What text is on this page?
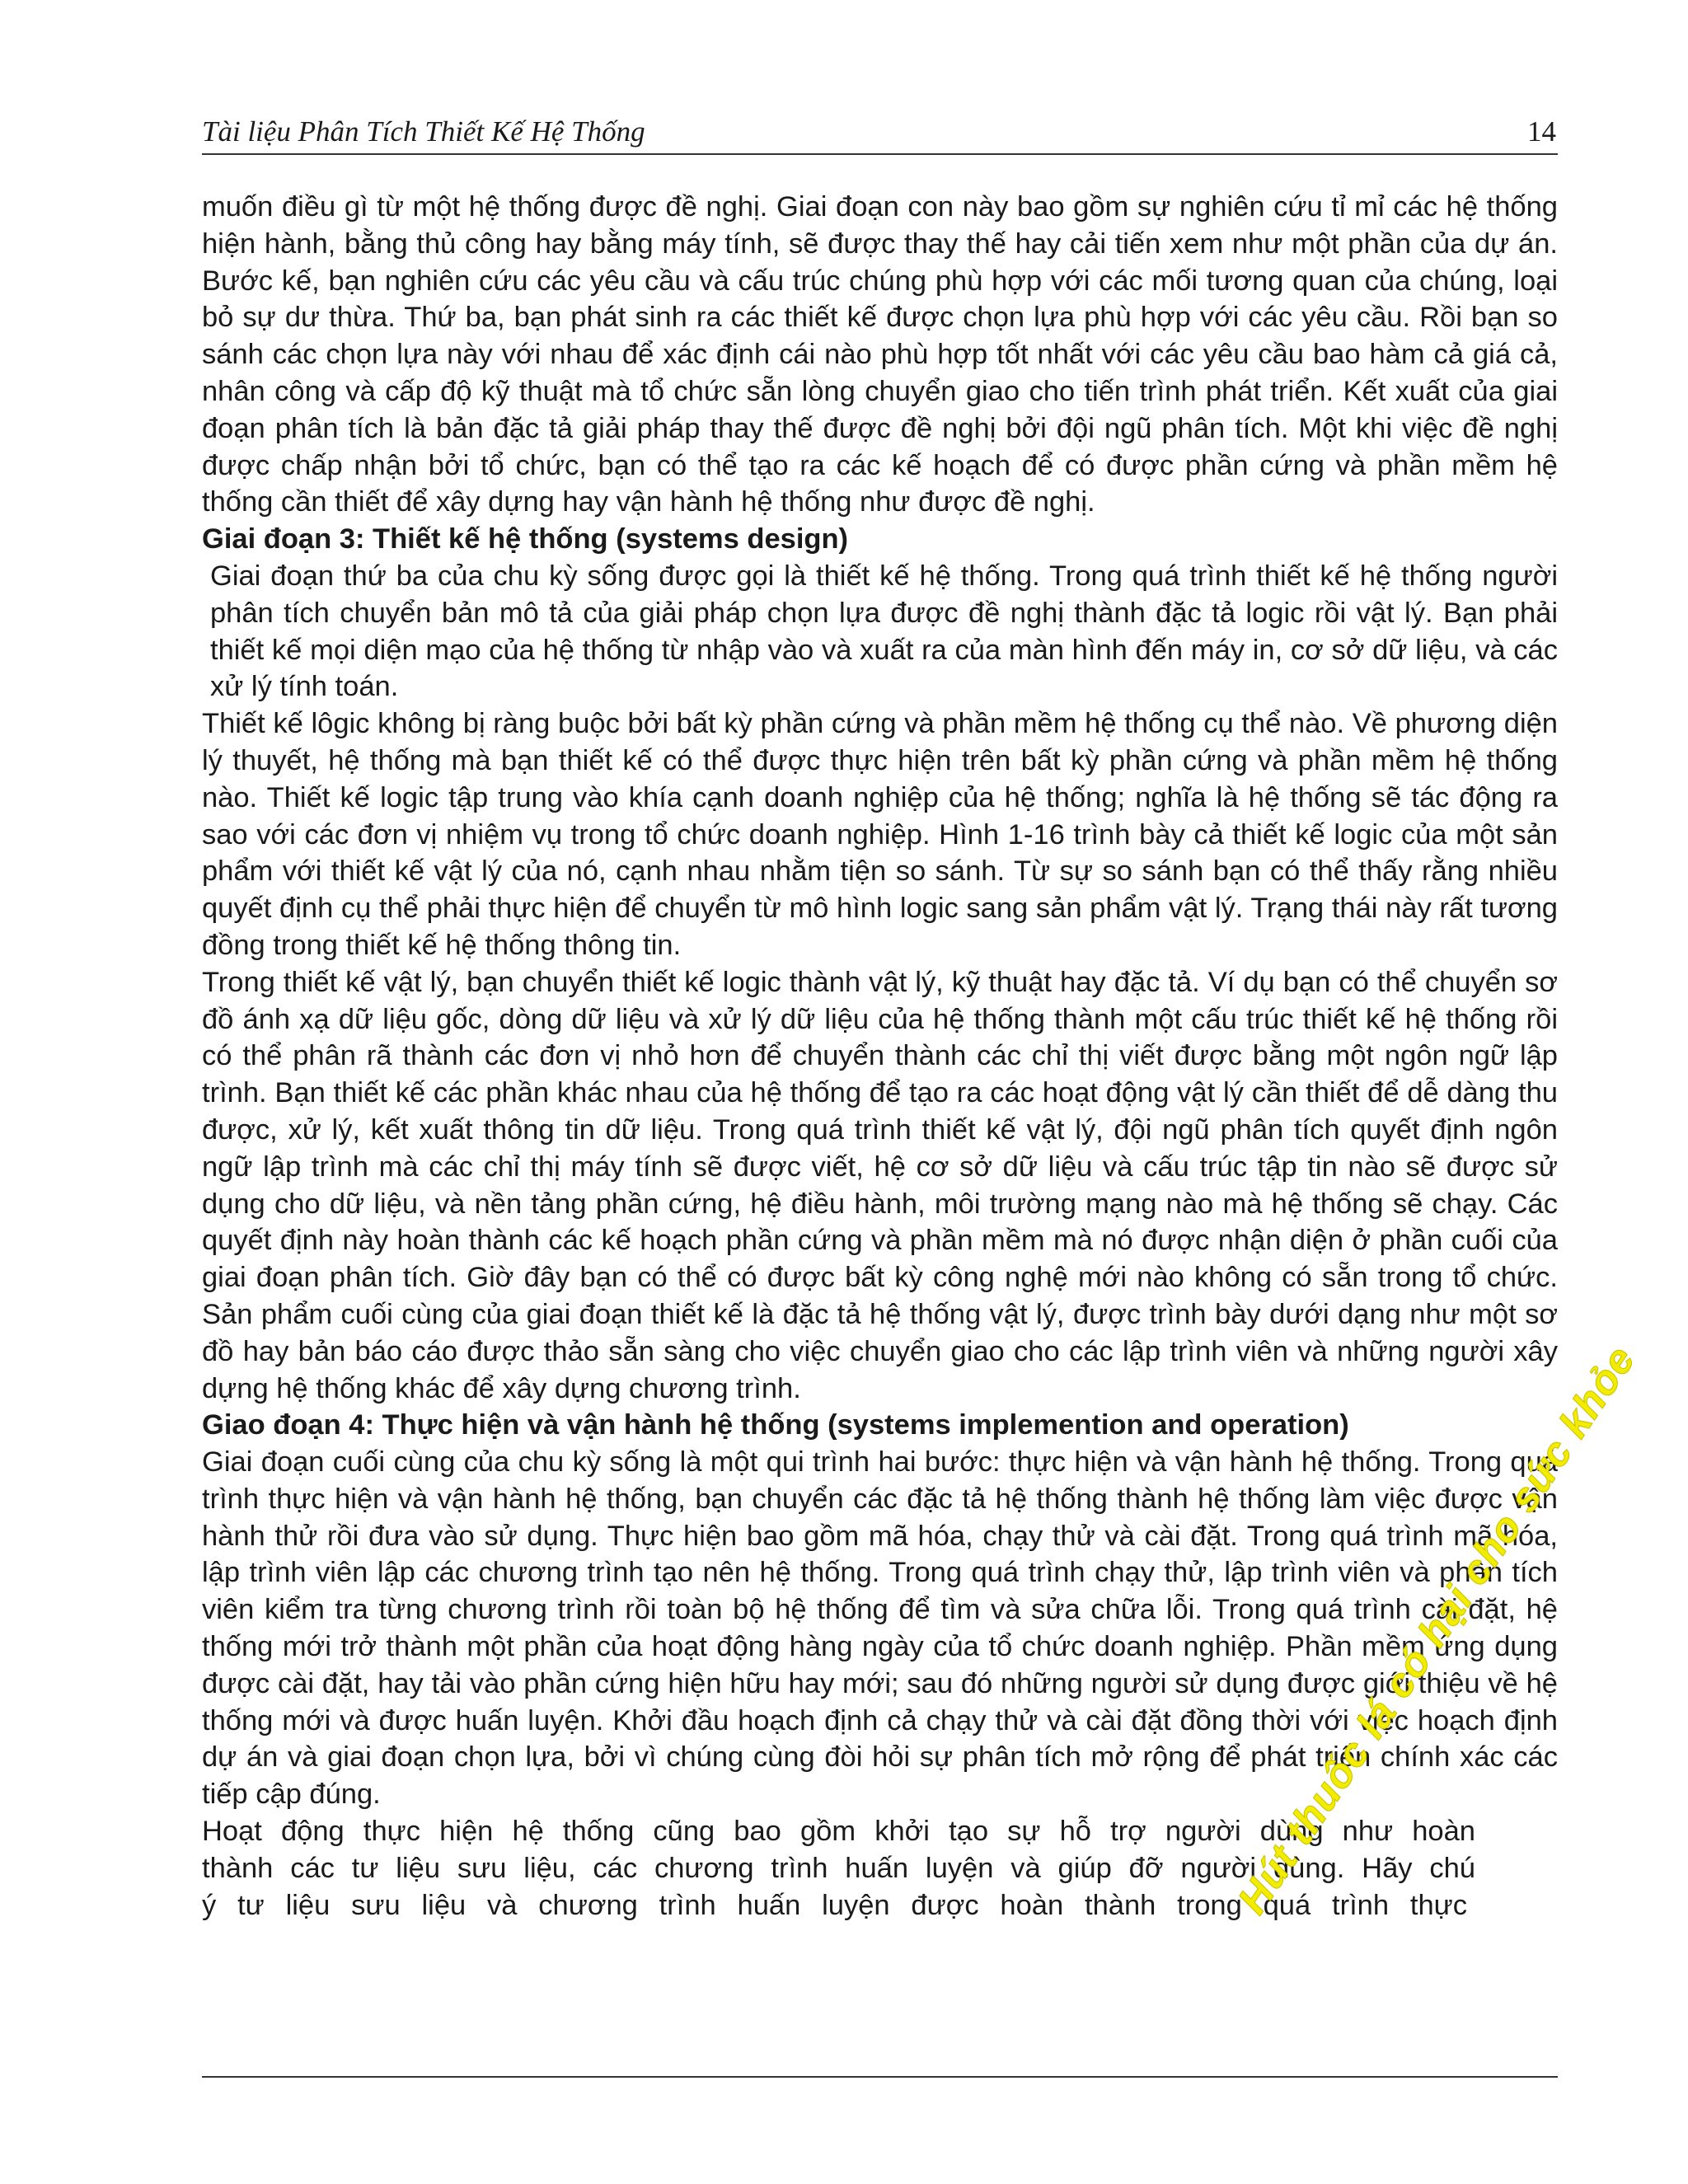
Tài liệu Phân Tích Thiết Kế Hệ Thống	14

muốn điều gì từ một hệ thống được đề nghị. Giai đoạn con này bao gồm sự nghiên cứu tỉ mỉ các hệ thống hiện hành, bằng thủ công hay bằng máy tính, sẽ được thay thế hay cải tiến xem như một phần của dự án. Bước kế, bạn nghiên cứu các yêu cầu và cấu trúc chúng phù hợp với các mối tương quan của chúng, loại bỏ sự dư thừa. Thứ ba, bạn phát sinh ra các thiết kế được chọn lựa phù hợp với các yêu cầu. Rồi bạn so sánh các chọn lựa này với nhau để xác định cái nào phù hợp tốt nhất với các yêu cầu bao hàm cả giá cả, nhân công và cấp độ kỹ thuật mà tổ chức sẵn lòng chuyển giao cho tiến trình phát triển. Kết xuất của giai đoạn phân tích là bản đặc tả giải pháp thay thế được đề nghị bởi đội ngũ phân tích. Một khi việc đề nghị được chấp nhận bởi tổ chức, bạn có thể tạo ra các kế hoạch để có được phần cứng và phần mềm hệ thống cần thiết để xây dựng hay vận hành hệ thống như được đề nghị.

Giai đoạn 3: Thiết kế hệ thống (systems design)

Giai đoạn thứ ba của chu kỳ sống được gọi là thiết kế hệ thống. Trong quá trình thiết kế hệ thống người phân tích chuyển bản mô tả của giải pháp chọn lựa được đề nghị thành đặc tả logic rồi vật lý. Bạn phải thiết kế mọi diện mạo của hệ thống từ nhập vào và xuất ra của màn hình đến máy in, cơ sở dữ liệu, và các xử lý tính toán.

Thiết kế lôgic không bị ràng buộc bởi bất kỳ phần cứng và phần mềm hệ thống cụ thể nào. Về phương diện lý thuyết, hệ thống mà bạn thiết kế có thể được thực hiện trên bất kỳ phần cứng và phần mềm hệ thống nào. Thiết kế logic tập trung vào khía cạnh doanh nghiệp của hệ thống; nghĩa là hệ thống sẽ tác động ra sao với các đơn vị nhiệm vụ trong tổ chức doanh nghiệp. Hình 1-16 trình bày cả thiết kế logic của một sản phẩm với thiết kế vật lý của nó, cạnh nhau nhằm tiện so sánh. Từ sự so sánh bạn có thể thấy rằng nhiều quyết định cụ thể phải thực hiện để chuyển từ mô hình logic sang sản phẩm vật lý. Trạng thái này rất tương đồng trong thiết kế hệ thống thông tin.

Trong thiết kế vật lý, bạn chuyển thiết kế logic thành vật lý, kỹ thuật hay đặc tả. Ví dụ bạn có thể chuyển sơ đồ ánh xạ dữ liệu gốc, dòng dữ liệu và xử lý dữ liệu của hệ thống thành một cấu trúc thiết kế hệ thống rồi có thể phân rã thành các đơn vị nhỏ hơn để chuyển thành các chỉ thị viết được bằng một ngôn ngữ lập trình. Bạn thiết kế các phần khác nhau của hệ thống để tạo ra các hoạt động vật lý cần thiết để dễ dàng thu được, xử lý, kết xuất thông tin dữ liệu. Trong quá trình thiết kế vật lý, đội ngũ phân tích quyết định ngôn ngữ lập trình mà các chỉ thị máy tính sẽ được viết, hệ cơ sở dữ liệu và cấu trúc tập tin nào sẽ được sử dụng cho dữ liệu, và nền tảng phần cứng, hệ điều hành, môi trường mạng nào mà hệ thống sẽ chạy. Các quyết định này hoàn thành các kế hoạch phần cứng và phần mềm mà nó được nhận diện ở phần cuối của giai đoạn phân tích. Giờ đây bạn có thể có được bất kỳ công nghệ mới nào không có sẵn trong tổ chức. Sản phẩm cuối cùng của giai đoạn thiết kế là đặc tả hệ thống vật lý, được trình bày dưới dạng như một sơ đồ hay bản báo cáo được thảo sẵn sàng cho việc chuyển giao cho các lập trình viên và những người xây dựng hệ thống khác để xây dựng chương trình.

Giao đoạn 4: Thực hiện và vận hành hệ thống (systems implemention and operation)

Giai đoạn cuối cùng của chu kỳ sống là một qui trình hai bước: thực hiện và vận hành hệ thống. Trong quá trình thực hiện và vận hành hệ thống, bạn chuyển các đặc tả hệ thống thành hệ thống làm việc được vận hành thử rồi đưa vào sử dụng. Thực hiện bao gồm mã hóa, chạy thử và cài đặt. Trong quá trình mã hóa, lập trình viên lập các chương trình tạo nên hệ thống. Trong quá trình chạy thử, lập trình viên và phân tích viên kiểm tra từng chương trình rồi toàn bộ hệ thống để tìm và sửa chữa lỗi. Trong quá trình cài đặt, hệ thống mới trở thành một phần của hoạt động hàng ngày của tổ chức doanh nghiệp. Phần mềm ứng dụng được cài đặt, hay tải vào phần cứng hiện hữu hay mới; sau đó những người sử dụng được giới thiệu về hệ thống mới và được huấn luyện. Khởi đầu hoạch định cả chạy thử và cài đặt đồng thời với việc hoạch định dự án và giai đoạn chọn lựa, bởi vì chúng cùng đòi hỏi sự phân tích mở rộng để phát triển chính xác các tiếp cập đúng.

Hoạt động thực hiện hệ thống cũng bao gồm khởi tạo sự hỗ trợ người dùng như hoàn
thành các tư liệu sưu liệu, các chương trình huấn luyện và giúp đỡ người dùng. Hãy chú
ý tư liệu sưu liệu và chương trình huấn luyện được hoàn thành trong quá trình thực
Hút thuốc lá có hại cho sức khỏe
